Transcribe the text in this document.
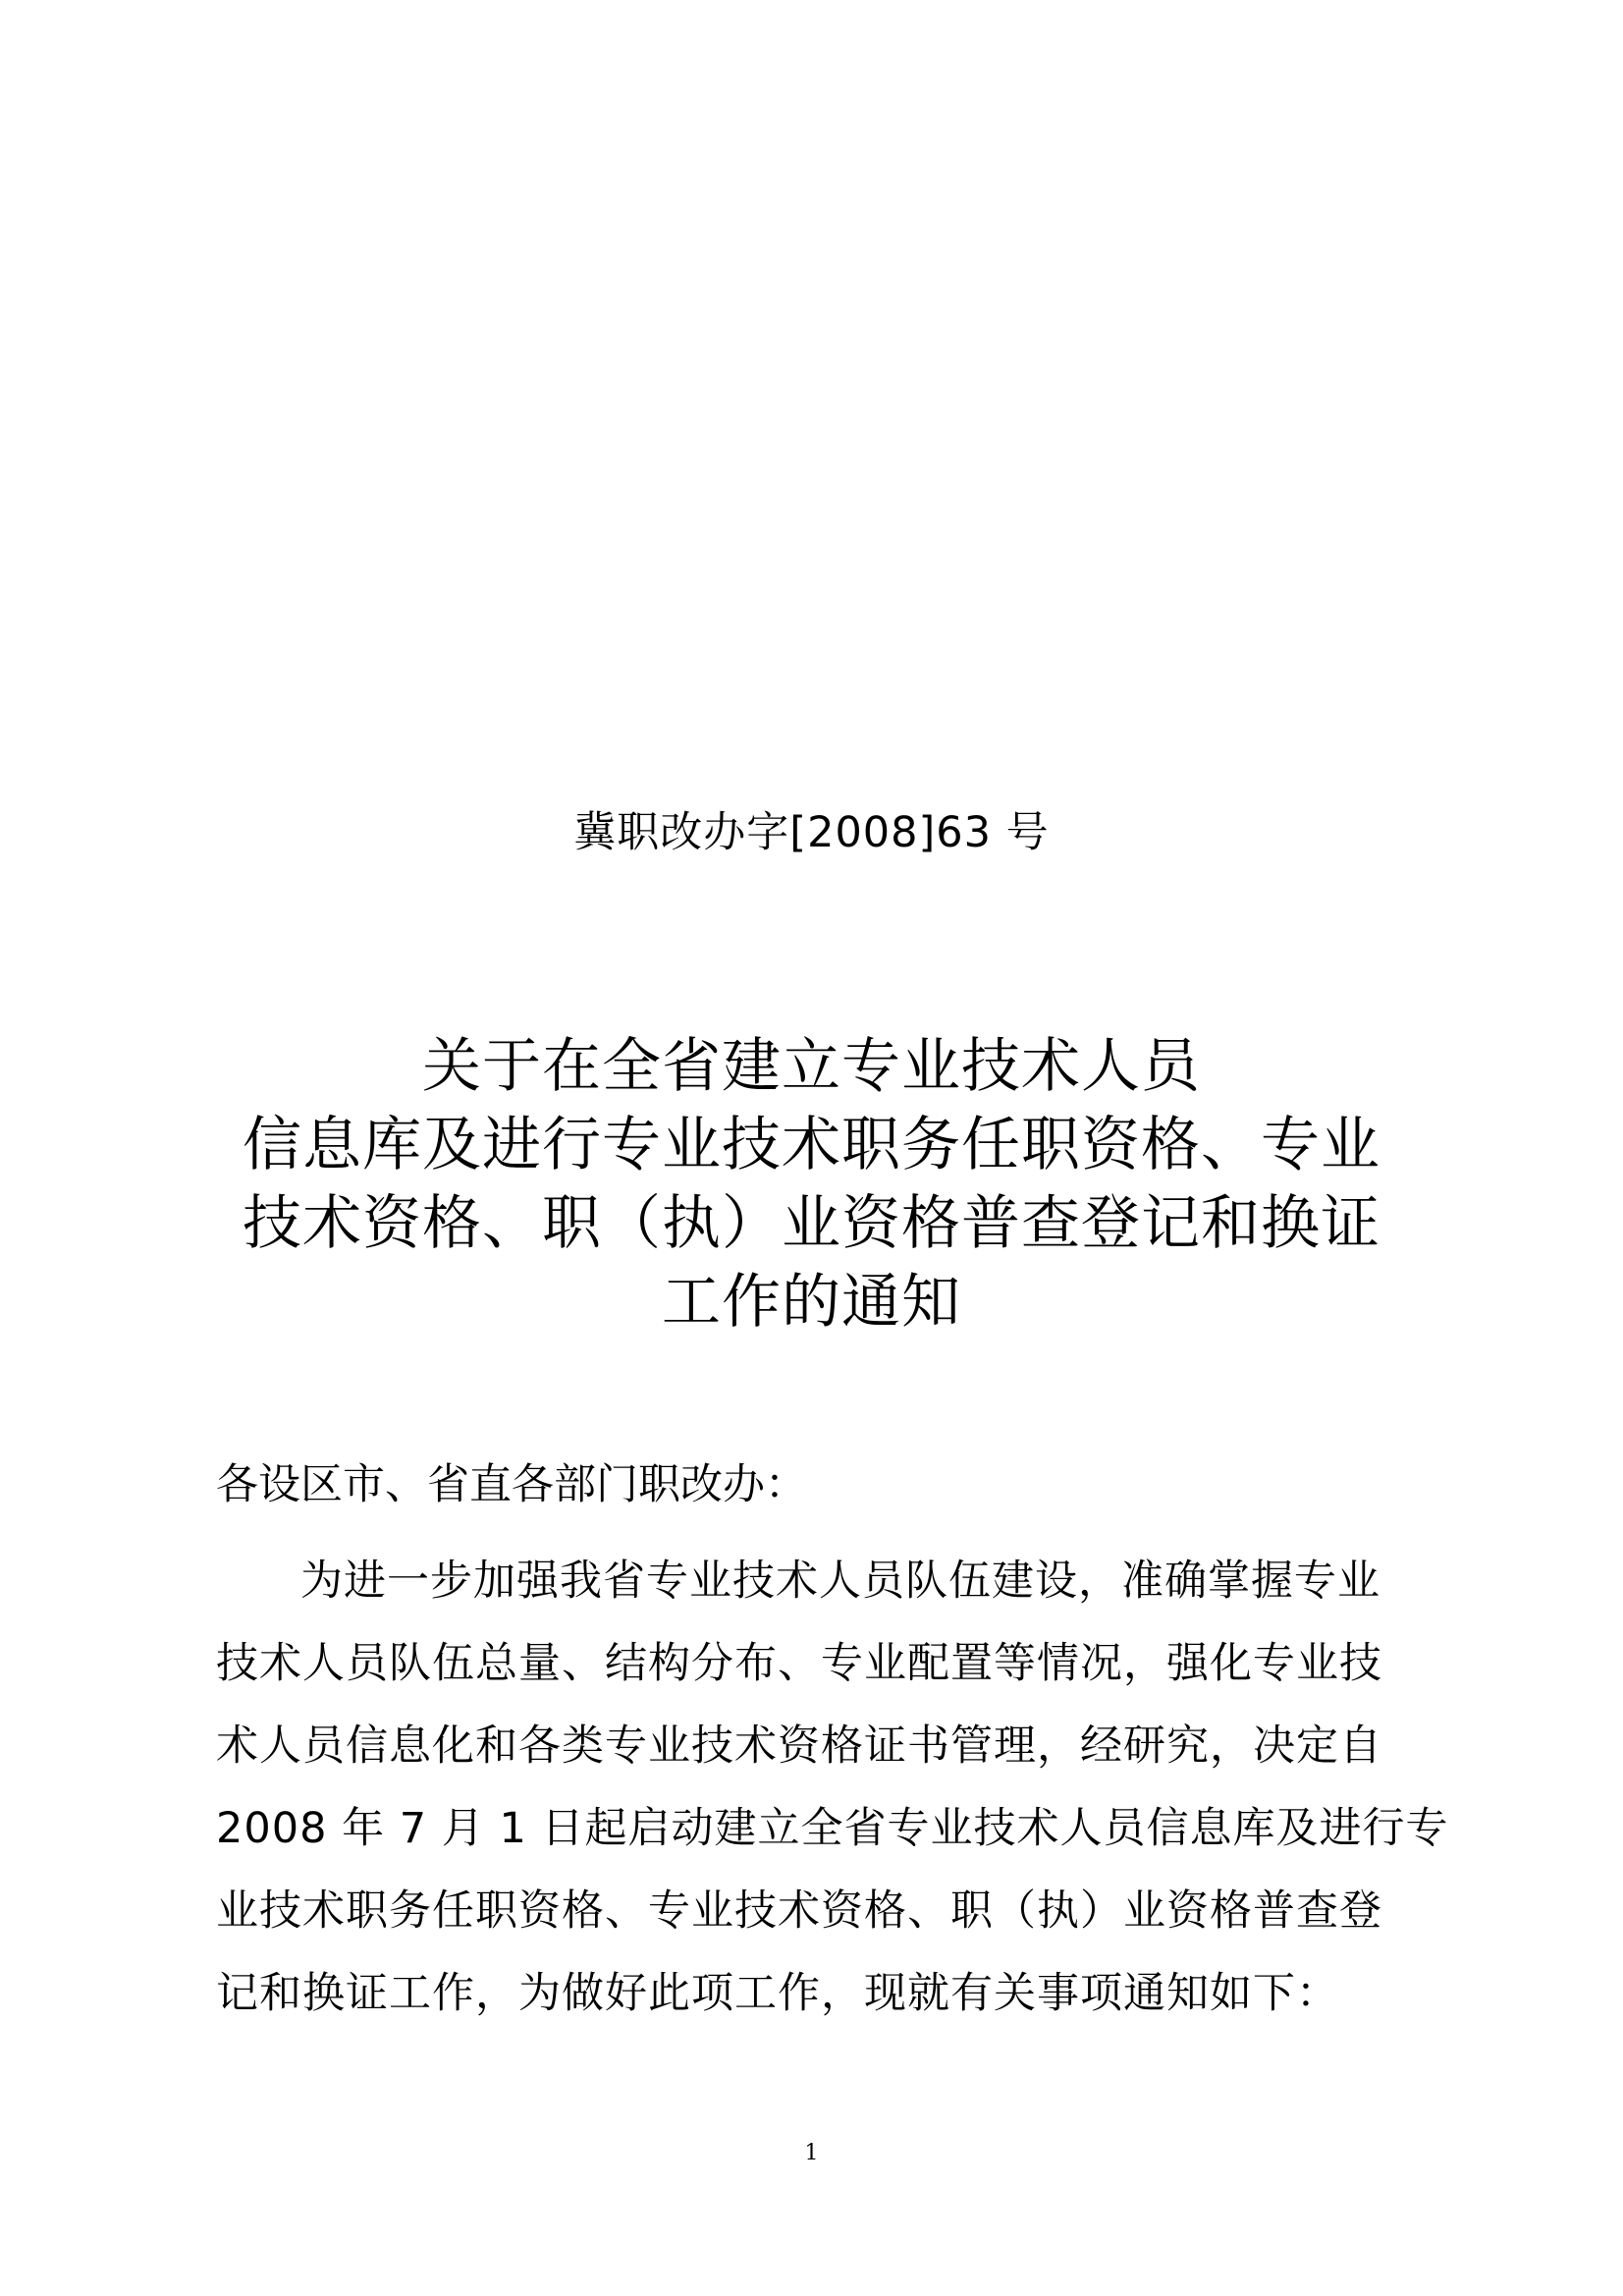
冀职改办字[2008]63 号
关于在全省建立专业技术人员
信息库及进行专业技术职务任职资格、专业
技术资格、职（执）业资格普查登记和换证
工作的通知
各设区市、省直各部门职改办：
为进一步加强我省专业技术人员队伍建设，准确掌握专业
技术人员队伍总量、结构分布、专业配置等情况，强化专业技
术人员信息化和各类专业技术资格证书管理，经研究，决定自
2008 年 7 月 1 日起启动建立全省专业技术人员信息库及进行专
业技术职务任职资格、专业技术资格、职（执）业资格普查登
记和换证工作，为做好此项工作，现就有关事项通知如下：
1
